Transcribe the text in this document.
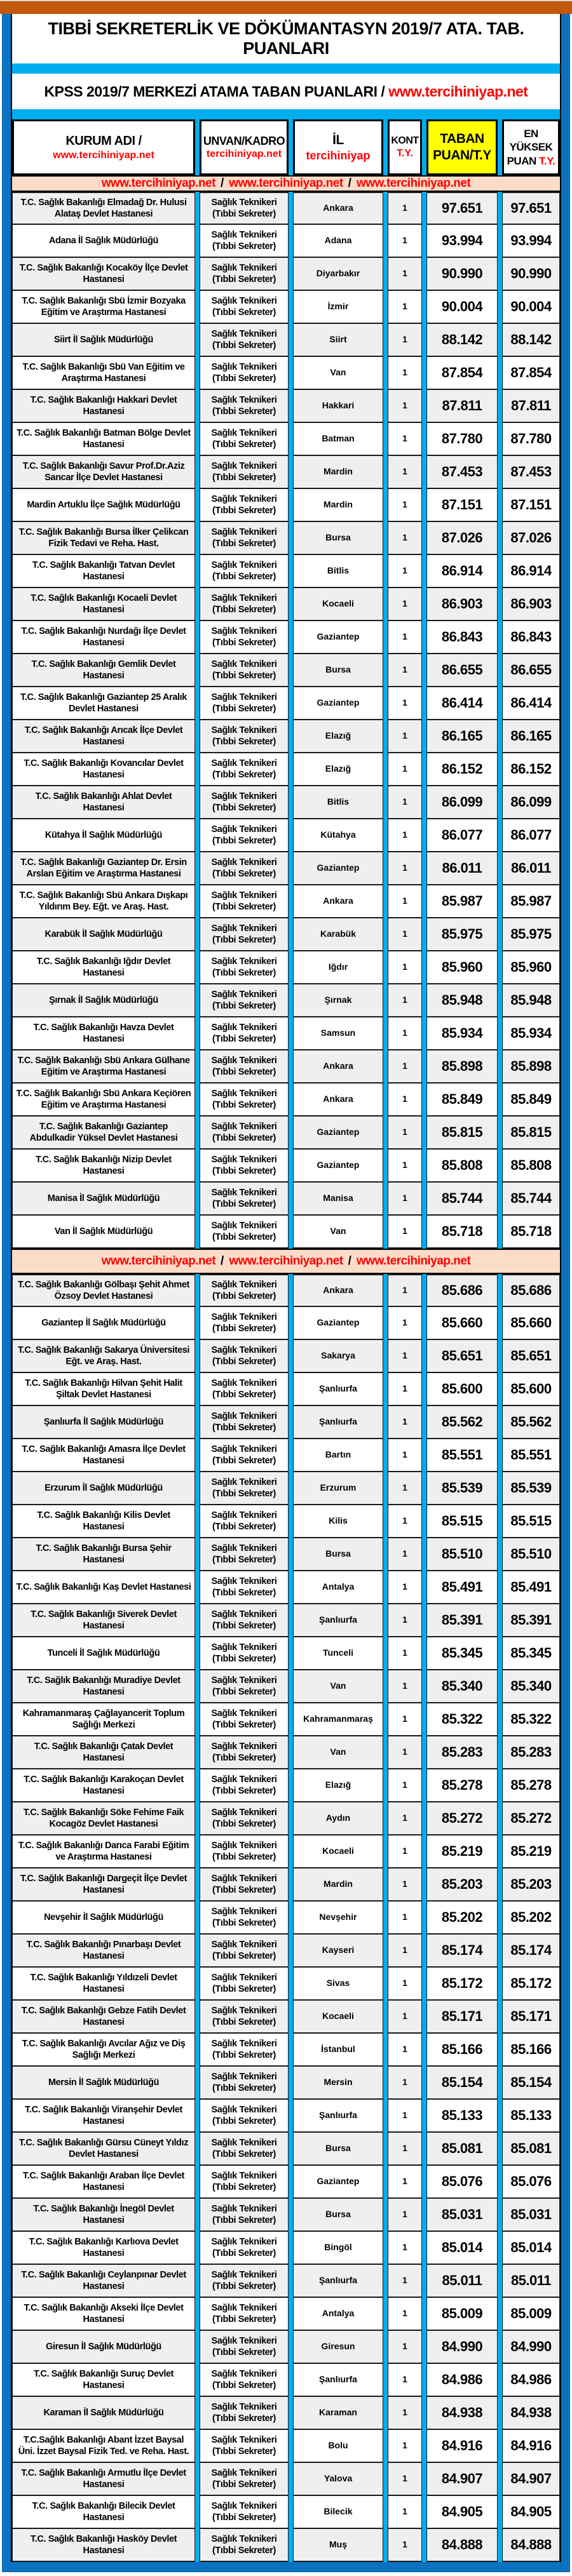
TIBBİ SEKRETERLİK VE DÖKÜMANTASYN 2019/7 ATA. TAB. PUANLARI
KPSS 2019/7 MERKEZİ ATAMA TABAN PUANLARI / www.tercihiniyap.net
KURUM ADI /
www.tercihiniyap.net
UNVAN/KADRO
tercihiniyap.net
İL
tercihiniyap
KONT
T.Y.
TABAN
PUAN/T.Y
EN YÜKSEK
PUAN T.Y.
www.tercihiniyap.net / www.tercihiniyap.net / www.tercihiniyap.net
T.C. Sağlık Bakanlığı Elmadağ Dr. Hulusi Alataş Devlet Hastanesi
Sağlık Teknikeri
(Tıbbi Sekreter)
Ankara	1	97.651	97.651
Adana İl Sağlık Müdürlüğü
Sağlık Teknikeri
(Tıbbi Sekreter)
Adana	1	93.994	93.994
T.C. Sağlık Bakanlığı Kocaköy İlçe Devlet Hastanesi
Sağlık Teknikeri
(Tıbbi Sekreter)
Diyarbakır	1	90.990	90.990
T.C. Sağlık Bakanlığı Sbü İzmir Bozyaka Eğitim ve Araştırma Hastanesi
Sağlık Teknikeri
(Tıbbi Sekreter)
İzmir	1	90.004	90.004
Siirt İl Sağlık Müdürlüğü
Sağlık Teknikeri
(Tıbbi Sekreter)
Siirt	1	88.142	88.142
T.C. Sağlık Bakanlığı Sbü Van Eğitim ve Araştırma Hastanesi
Sağlık Teknikeri
(Tıbbi Sekreter)
Van	1	87.854	87.854
T.C. Sağlık Bakanlığı Hakkari Devlet Hastanesi
Sağlık Teknikeri
(Tıbbi Sekreter)
Hakkari	1	87.811	87.811
T.C. Sağlık Bakanlığı Batman Bölge Devlet Hastanesi
Sağlık Teknikeri
(Tıbbi Sekreter)
Batman	1	87.780	87.780
T.C. Sağlık Bakanlığı Savur Prof.Dr.Aziz Sancar İlçe Devlet Hastanesi
Sağlık Teknikeri
(Tıbbi Sekreter)
Mardin	1	87.453	87.453
Mardin Artuklu İlçe Sağlık Müdürlüğü
Sağlık Teknikeri
(Tıbbi Sekreter)
Mardin	1	87.151	87.151
T.C. Sağlık Bakanlığı Bursa İlker Çelikcan Fizik Tedavi ve Reha. Hast.
Sağlık Teknikeri
(Tıbbi Sekreter)
Bursa	1	87.026	87.026
T.C. Sağlık Bakanlığı Tatvan Devlet Hastanesi
Sağlık Teknikeri
(Tıbbi Sekreter)
Bitlis	1	86.914	86.914
T.C. Sağlık Bakanlığı Kocaeli Devlet Hastanesi
Sağlık Teknikeri
(Tıbbi Sekreter)
Kocaeli	1	86.903	86.903
T.C. Sağlık Bakanlığı Nurdağı İlçe Devlet Hastanesi
Sağlık Teknikeri
(Tıbbi Sekreter)
Gaziantep	1	86.843	86.843
T.C. Sağlık Bakanlığı Gemlik Devlet Hastanesi
Sağlık Teknikeri
(Tıbbi Sekreter)
Bursa	1	86.655	86.655
T.C. Sağlık Bakanlığı Gaziantep 25 Aralık Devlet Hastanesi
Sağlık Teknikeri
(Tıbbi Sekreter)
Gaziantep	1	86.414	86.414
T.C. Sağlık Bakanlığı Arıcak İlçe Devlet Hastanesi
Sağlık Teknikeri
(Tıbbi Sekreter)
Elazığ	1	86.165	86.165
T.C. Sağlık Bakanlığı Kovancılar Devlet Hastanesi
Sağlık Teknikeri
(Tıbbi Sekreter)
Elazığ	1	86.152	86.152
T.C. Sağlık Bakanlığı Ahlat Devlet Hastanesi
Sağlık Teknikeri
(Tıbbi Sekreter)
Bitlis	1	86.099	86.099
Kütahya İl Sağlık Müdürlüğü
Sağlık Teknikeri
(Tıbbi Sekreter)
Kütahya	1	86.077	86.077
T.C. Sağlık Bakanlığı Gaziantep Dr. Ersin Arslan Eğitim ve Araştırma Hastanesi
Sağlık Teknikeri
(Tıbbi Sekreter)
Gaziantep	1	86.011	86.011
T.C. Sağlık Bakanlığı Sbü Ankara Dışkapı Yıldırım Bey. Eğt. ve Araş. Hast.
Sağlık Teknikeri
(Tıbbi Sekreter)
Ankara	1	85.987	85.987
Karabük İl Sağlık Müdürlüğü
Sağlık Teknikeri
(Tıbbi Sekreter)
Karabük	1	85.975	85.975
T.C. Sağlık Bakanlığı Iğdır Devlet Hastanesi
Sağlık Teknikeri
(Tıbbi Sekreter)
Iğdır	1	85.960	85.960
Şırnak İl Sağlık Müdürlüğü
Sağlık Teknikeri
(Tıbbi Sekreter)
Şırnak	1	85.948	85.948
T.C. Sağlık Bakanlığı Havza Devlet Hastanesi
Sağlık Teknikeri
(Tıbbi Sekreter)
Samsun	1	85.934	85.934
T.C. Sağlık Bakanlığı Sbü Ankara Gülhane Eğitim ve Araştırma Hastanesi
Sağlık Teknikeri
(Tıbbi Sekreter)
Ankara	1	85.898	85.898
T.C. Sağlık Bakanlığı Sbü Ankara Keçiören Eğitim ve Araştırma Hastanesi
Sağlık Teknikeri
(Tıbbi Sekreter)
Ankara	1	85.849	85.849
T.C. Sağlık Bakanlığı Gaziantep Abdulkadir Yüksel Devlet Hastanesi
Sağlık Teknikeri
(Tıbbi Sekreter)
Gaziantep	1	85.815	85.815
T.C. Sağlık Bakanlığı Nizip Devlet Hastanesi
Sağlık Teknikeri
(Tıbbi Sekreter)
Gaziantep	1	85.808	85.808
Manisa İl Sağlık Müdürlüğü
Sağlık Teknikeri
(Tıbbi Sekreter)
Manisa	1	85.744	85.744
Van İl Sağlık Müdürlüğü
Sağlık Teknikeri
(Tıbbi Sekreter)
Van	1	85.718	85.718
www.tercihiniyap.net / www.tercihiniyap.net / www.tercihiniyap.net
T.C. Sağlık Bakanlığı Gölbaşı Şehit Ahmet Özsoy Devlet Hastanesi
Sağlık Teknikeri
(Tıbbi Sekreter)
Ankara	1	85.686	85.686
Gaziantep İl Sağlık Müdürlüğü
Sağlık Teknikeri
(Tıbbi Sekreter)
Gaziantep	1	85.660	85.660
T.C. Sağlık Bakanlığı Sakarya Üniversitesi Eğt. ve Araş. Hast.
Sağlık Teknikeri
(Tıbbi Sekreter)
Sakarya	1	85.651	85.651
T.C. Sağlık Bakanlığı Hilvan Şehit Halit Şiltak Devlet Hastanesi
Sağlık Teknikeri
(Tıbbi Sekreter)
Şanlıurfa	1	85.600	85.600
Şanlıurfa İl Sağlık Müdürlüğü
Sağlık Teknikeri
(Tıbbi Sekreter)
Şanlıurfa	1	85.562	85.562
T.C. Sağlık Bakanlığı Amasra İlçe Devlet Hastanesi
Sağlık Teknikeri
(Tıbbi Sekreter)
Bartın	1	85.551	85.551
Erzurum İl Sağlık Müdürlüğü
Sağlık Teknikeri
(Tıbbi Sekreter)
Erzurum	1	85.539	85.539
T.C. Sağlık Bakanlığı Kilis Devlet Hastanesi
Sağlık Teknikeri
(Tıbbi Sekreter)
Kilis	1	85.515	85.515
T.C. Sağlık Bakanlığı Bursa Şehir Hastanesi
Sağlık Teknikeri
(Tıbbi Sekreter)
Bursa	1	85.510	85.510
T.C. Sağlık Bakanlığı Kaş Devlet Hastanesi
Sağlık Teknikeri
(Tıbbi Sekreter)
Antalya	1	85.491	85.491
T.C. Sağlık Bakanlığı Siverek Devlet Hastanesi
Sağlık Teknikeri
(Tıbbi Sekreter)
Şanlıurfa	1	85.391	85.391
Tunceli İl Sağlık Müdürlüğü
Sağlık Teknikeri
(Tıbbi Sekreter)
Tunceli	1	85.345	85.345
T.C. Sağlık Bakanlığı Muradiye Devlet Hastanesi
Sağlık Teknikeri
(Tıbbi Sekreter)
Van	1	85.340	85.340
Kahramanmaraş Çağlayancerit Toplum Sağlığı Merkezi
Sağlık Teknikeri
(Tıbbi Sekreter)
Kahramanmaraş	1	85.322	85.322
T.C. Sağlık Bakanlığı Çatak Devlet Hastanesi
Sağlık Teknikeri
(Tıbbi Sekreter)
Van	1	85.283	85.283
T.C. Sağlık Bakanlığı Karakoçan Devlet Hastanesi
Sağlık Teknikeri
(Tıbbi Sekreter)
Elazığ	1	85.278	85.278
T.C. Sağlık Bakanlığı Söke Fehime Faik Kocagöz Devlet Hastanesi
Sağlık Teknikeri
(Tıbbi Sekreter)
Aydın	1	85.272	85.272
T.C. Sağlık Bakanlığı Darıca Farabi Eğitim ve Araştırma Hastanesi
Sağlık Teknikeri
(Tıbbi Sekreter)
Kocaeli	1	85.219	85.219
T.C. Sağlık Bakanlığı Dargeçit İlçe Devlet Hastanesi
Sağlık Teknikeri
(Tıbbi Sekreter)
Mardin	1	85.203	85.203
Nevşehir İl Sağlık Müdürlüğü
Sağlık Teknikeri
(Tıbbi Sekreter)
Nevşehir	1	85.202	85.202
T.C. Sağlık Bakanlığı Pınarbaşı Devlet Hastanesi
Sağlık Teknikeri
(Tıbbi Sekreter)
Kayseri	1	85.174	85.174
T.C. Sağlık Bakanlığı Yıldızeli Devlet Hastanesi
Sağlık Teknikeri
(Tıbbi Sekreter)
Sivas	1	85.172	85.172
T.C. Sağlık Bakanlığı Gebze Fatih Devlet Hastanesi
Sağlık Teknikeri
(Tıbbi Sekreter)
Kocaeli	1	85.171	85.171
T.C. Sağlık Bakanlığı Avcılar Ağız ve Diş Sağlığı Merkezi
Sağlık Teknikeri
(Tıbbi Sekreter)
İstanbul	1	85.166	85.166
Mersin İl Sağlık Müdürlüğü
Sağlık Teknikeri
(Tıbbi Sekreter)
Mersin	1	85.154	85.154
T.C. Sağlık Bakanlığı Viranşehir Devlet Hastanesi
Sağlık Teknikeri
(Tıbbi Sekreter)
Şanlıurfa	1	85.133	85.133
T.C. Sağlık Bakanlığı Gürsu Cüneyt Yıldız Devlet Hastanesi
Sağlık Teknikeri
(Tıbbi Sekreter)
Bursa	1	85.081	85.081
T.C. Sağlık Bakanlığı Araban İlçe Devlet Hastanesi
Sağlık Teknikeri
(Tıbbi Sekreter)
Gaziantep	1	85.076	85.076
T.C. Sağlık Bakanlığı İnegöl Devlet Hastanesi
Sağlık Teknikeri
(Tıbbi Sekreter)
Bursa	1	85.031	85.031
T.C. Sağlık Bakanlığı Karlıova Devlet Hastanesi
Sağlık Teknikeri
(Tıbbi Sekreter)
Bingöl	1	85.014	85.014
T.C. Sağlık Bakanlığı Ceylanpınar Devlet Hastanesi
Sağlık Teknikeri
(Tıbbi Sekreter)
Şanlıurfa	1	85.011	85.011
T.C. Sağlık Bakanlığı Akseki İlçe Devlet Hastanesi
Sağlık Teknikeri
(Tıbbi Sekreter)
Antalya	1	85.009	85.009
Giresun İl Sağlık Müdürlüğü
Sağlık Teknikeri
(Tıbbi Sekreter)
Giresun	1	84.990	84.990
T.C. Sağlık Bakanlığı Suruç Devlet Hastanesi
Sağlık Teknikeri
(Tıbbi Sekreter)
Şanlıurfa	1	84.986	84.986
Karaman İl Sağlık Müdürlüğü
Sağlık Teknikeri
(Tıbbi Sekreter)
Karaman	1	84.938	84.938
T.C.Sağlık Bakanlığı Abant İzzet Baysal Üni. İzzet Baysal Fizik Ted. ve Reha. Hast.
Sağlık Teknikeri
(Tıbbi Sekreter)
Bolu	1	84.916	84.916
T.C. Sağlık Bakanlığı Armutlu İlçe Devlet Hastanesi
Sağlık Teknikeri
(Tıbbi Sekreter)
Yalova	1	84.907	84.907
T.C. Sağlık Bakanlığı Bilecik Devlet Hastanesi
Sağlık Teknikeri
(Tıbbi Sekreter)
Bilecik	1	84.905	84.905
T.C. Sağlık Bakanlığı Hasköy Devlet Hastanesi
Sağlık Teknikeri
(Tıbbi Sekreter)
Muş	1	84.888	84.888
